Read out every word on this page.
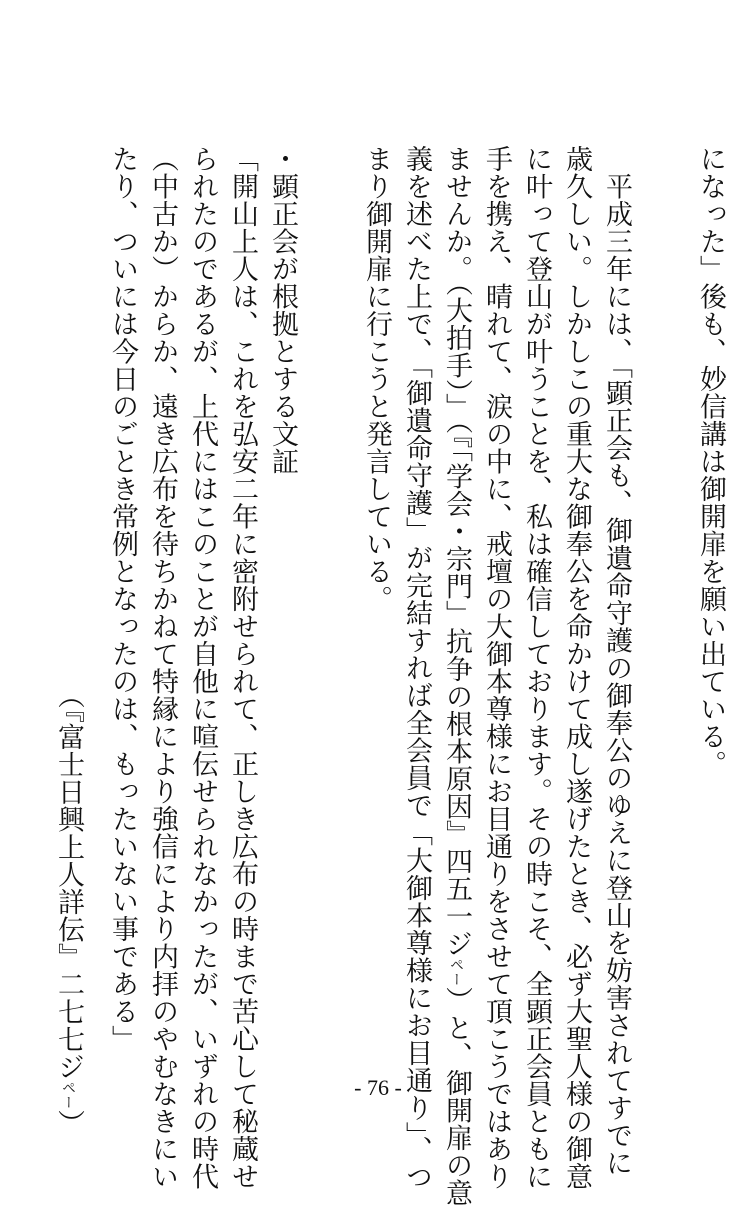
になった」後も、妙信講は御開扉を願い出ている。
　平成三年には、「顕正会も、御遺命守護の御奉公のゆえに登山を妨害されてすでに
歳久しい。しかしこの重大な御奉公を命かけて成し遂げたとき、必ず大聖人様の御意
に叶って登山が叶うことを、私は確信しております。その時こそ、全顕正会員ともに
手を携え、晴れて、涙の中に、戒壇の大御本尊様にお目通りをさせて頂こうではあり
ませんか。（大拍手）」（『「学会・宗門」抗争の根本原因』四五一ジペー）と、御開扉の意
義を述べた上で、「御遺命守護」が完結すれば全会員で「大御本尊様にお目通り」、つ
まり御開扉に行こうと発言している。
・顕正会が根拠とする文証
「開山上人は、これを弘安二年に密附せられて、正しき広布の時まで苦心して秘蔵せ
られたのであるが、上代にはこのことが自他に喧伝せられなかったが、いずれの時代
（中古か）からか、遠き広布を待ちかねて特縁により強信により内拝のやむなきにい
たり、ついには今日のごとき常例となったのは、もったいない事である」
　　　　　　　　　　　　　　　　　　　　（『富士日興上人詳伝』二七七ジペー）
- 76 -
